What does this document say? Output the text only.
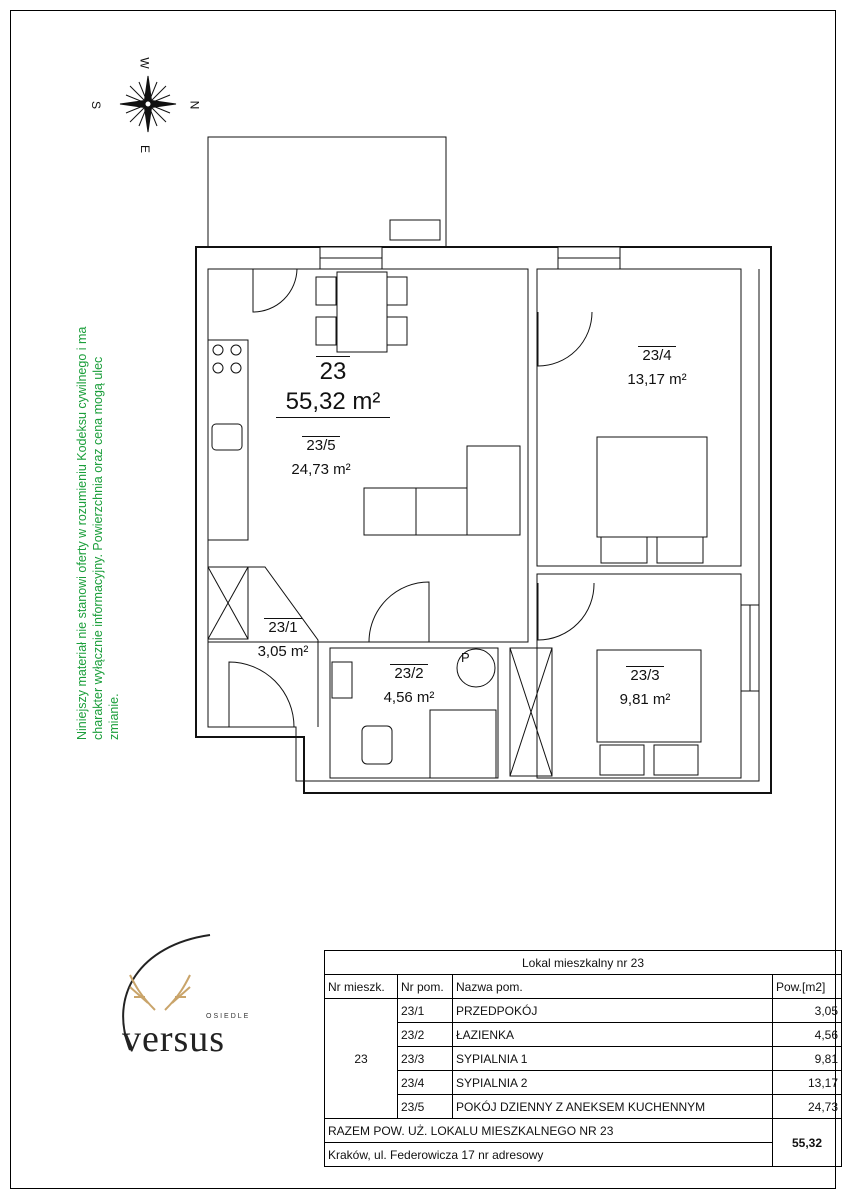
W
N
S
E
23
55,32 m²
23/5
24,73 m²
23/4
13,17 m²
23/3
9,81 m²
23/1
3,05 m²
23/2
4,56 m²
P
Niniejszy materiał nie stanowi oferty w rozumieniu Kodeksu cywilnego i ma charakter wyłącznie informacyjny. Powierzchnia oraz cena mogą ulec zmianie.
OSIEDLE
versus
Lokal mieszkalny nr 23			
Nr mieszk.	Nr pom.	Nazwa pom.	Pow.[m2]
23	23/1	PRZEDPOKÓJ	3,05
	23/2	ŁAZIENKA	4,56
	23/3	SYPIALNIA 1	9,81
	23/4	SYPIALNIA 2	13,17
	23/5	POKÓJ DZIENNY Z ANEKSEM KUCHENNYM	24,73
RAZEM POW. UŻ. LOKALU MIESZKALNEGO NR 23			55,32
Kraków, ul. Federowicza 17 nr adresowy			
